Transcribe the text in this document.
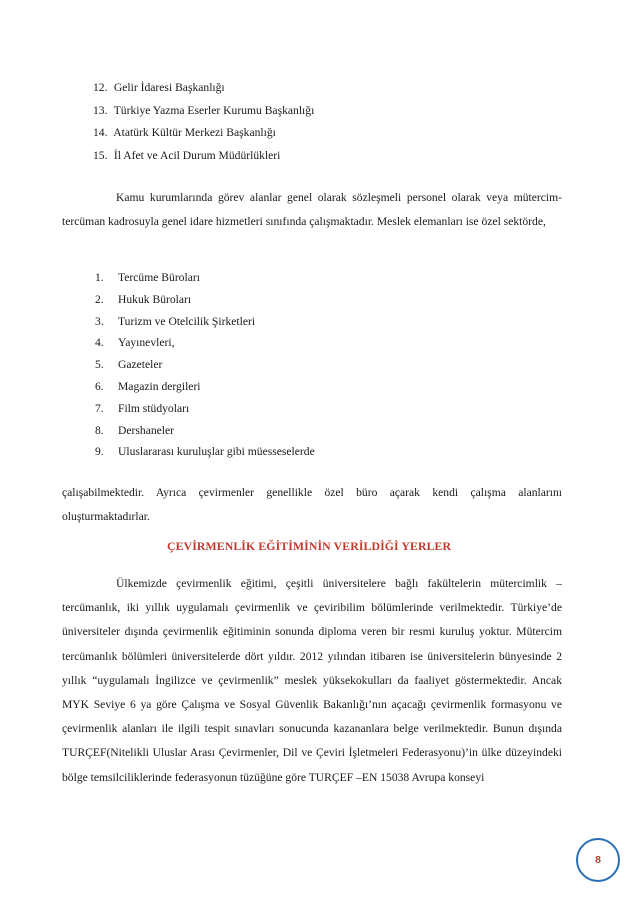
12. Gelir İdaresi Başkanlığı
13. Türkiye Yazma Eserler Kurumu Başkanlığı
14. Atatürk Kültür Merkezi Başkanlığı
15. İl Afet ve Acil Durum Müdürlükleri

Kamu kurumlarında görev alanlar genel olarak sözleşmeli personel olarak veya mütercim-tercüman kadrosuyla genel idare hizmetleri sınıfında çalışmaktadır. Meslek elemanları ise özel sektörde,

1. Tercüme Büroları
2. Hukuk Büroları
3. Turizm ve Otelcilik Şirketleri
4. Yayınevleri,
5. Gazeteler
6. Magazin dergileri
7. Film stüdyoları
8. Dershaneler
9. Uluslararası kuruluşlar gibi müesseselerde

çalışabilmektedir. Ayrıca çevirmenler genellikle özel büro açarak kendi çalışma alanlarını oluşturmaktadırlar.

ÇEVİRMENLİK EĞİTİMİNİN VERİLDİĞİ YERLER

Ülkemizde çevirmenlik eğitimi, çeşitli üniversitelere bağlı fakültelerin mütercimlik – tercümanlık, iki yıllık uygulamalı çevirmenlik ve çeviribilim bölümlerinde verilmektedir. Türkiye’de üniversiteler dışında çevirmenlik eğitiminin sonunda diploma veren bir resmi kuruluş yoktur. Mütercim tercümanlık bölümleri üniversitelerde dört yıldır. 2012 yılından itibaren ise üniversitelerin bünyesinde 2 yıllık “uygulamalı İngilizce ve çevirmenlik” meslek yüksekokulları da faaliyet göstermektedir. Ancak MYK Seviye 6 ya göre Çalışma ve Sosyal Güvenlik Bakanlığı’nın açacağı çevirmenlik formasyonu ve çevirmenlik alanları ile ilgili tespit sınavları sonucunda kazananlara belge verilmektedir. Bunun dışında TURÇEF(Nitelikli Uluslar Arası Çevirmenler, Dil ve Çeviri İşletmeleri Federasyonu)’in ülke düzeyindeki bölge temsilciliklerinde federasyonun tüzüğüne göre TURÇEF –EN 15038 Avrupa konseyi

8
